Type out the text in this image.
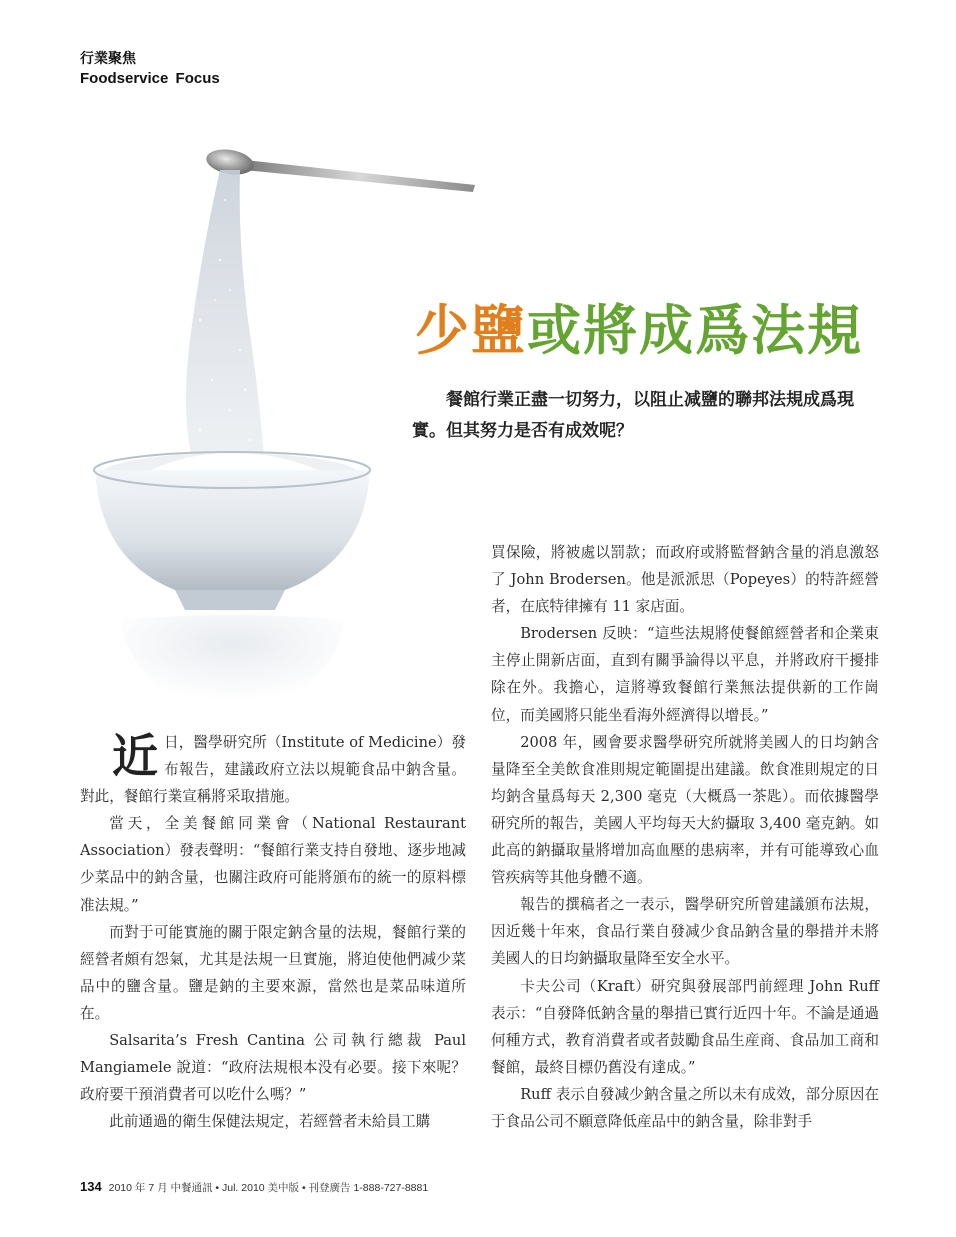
行業聚焦
Foodservice Focus
少鹽或將成爲法規
餐館行業正盡一切努力，以阻止减鹽的聯邦法規成爲現實。但其努力是否有成效呢？

近日，醫學研究所（Institute of Medicine）發布報告，建議政府立法以規範食品中鈉含量。對此，餐館行業宣稱將采取措施。

當天，全美餐館同業會（National Restaurant Association）發表聲明：“餐館行業支持自發地、逐步地减少菜品中的鈉含量，也關注政府可能將頒布的統一的原料標准法規。”

而對于可能實施的關于限定鈉含量的法規，餐館行業的經營者頗有怨氣，尤其是法規一旦實施，將迫使他們减少菜品中的鹽含量。鹽是鈉的主要來源，當然也是菜品味道所在。

Salsarita’s Fresh Cantina 公司執行總裁 Paul Mangiamele 說道：“政府法規根本没有必要。接下來呢？政府要干預消費者可以吃什么嗎？”

此前通過的衛生保健法規定，若經營者未給員工購

買保險，將被處以罰款；而政府或將監督鈉含量的消息激怒了 John Brodersen。他是派派思（Popeyes）的特許經營者，在底特律擁有 11 家店面。

Brodersen 反映：“這些法規將使餐館經營者和企業東主停止開新店面，直到有關爭論得以平息，并將政府干擾排除在外。我擔心，這將導致餐館行業無法提供新的工作崗位，而美國將只能坐看海外經濟得以增長。”

2008 年，國會要求醫學研究所就將美國人的日均鈉含量降至全美飲食准則規定範圍提出建議。飲食准則規定的日均鈉含量爲每天 2,300 毫克（大概爲一茶匙）。而依據醫學研究所的報告，美國人平均每天大約攝取 3,400 毫克鈉。如此高的鈉攝取量將增加高血壓的患病率，并有可能導致心血管疾病等其他身體不適。

報告的撰稿者之一表示，醫學研究所曾建議頒布法規，因近幾十年來，食品行業自發减少食品鈉含量的舉措并未將美國人的日均鈉攝取量降至安全水平。

卡夫公司（Kraft）研究與發展部門前經理 John Ruff 表示：“自發降低鈉含量的舉措已實行近四十年。不論是通過何種方式，教育消費者或者鼓勵食品生産商、食品加工商和餐館，最終目標仍舊没有達成。”

Ruff 表示自發减少鈉含量之所以未有成效，部分原因在于食品公司不願意降低産品中的鈉含量，除非對手

134 2010 年 7 月 中餐通訊 • Jul. 2010 美中版 • 刊登廣告 1-888-727-8881
